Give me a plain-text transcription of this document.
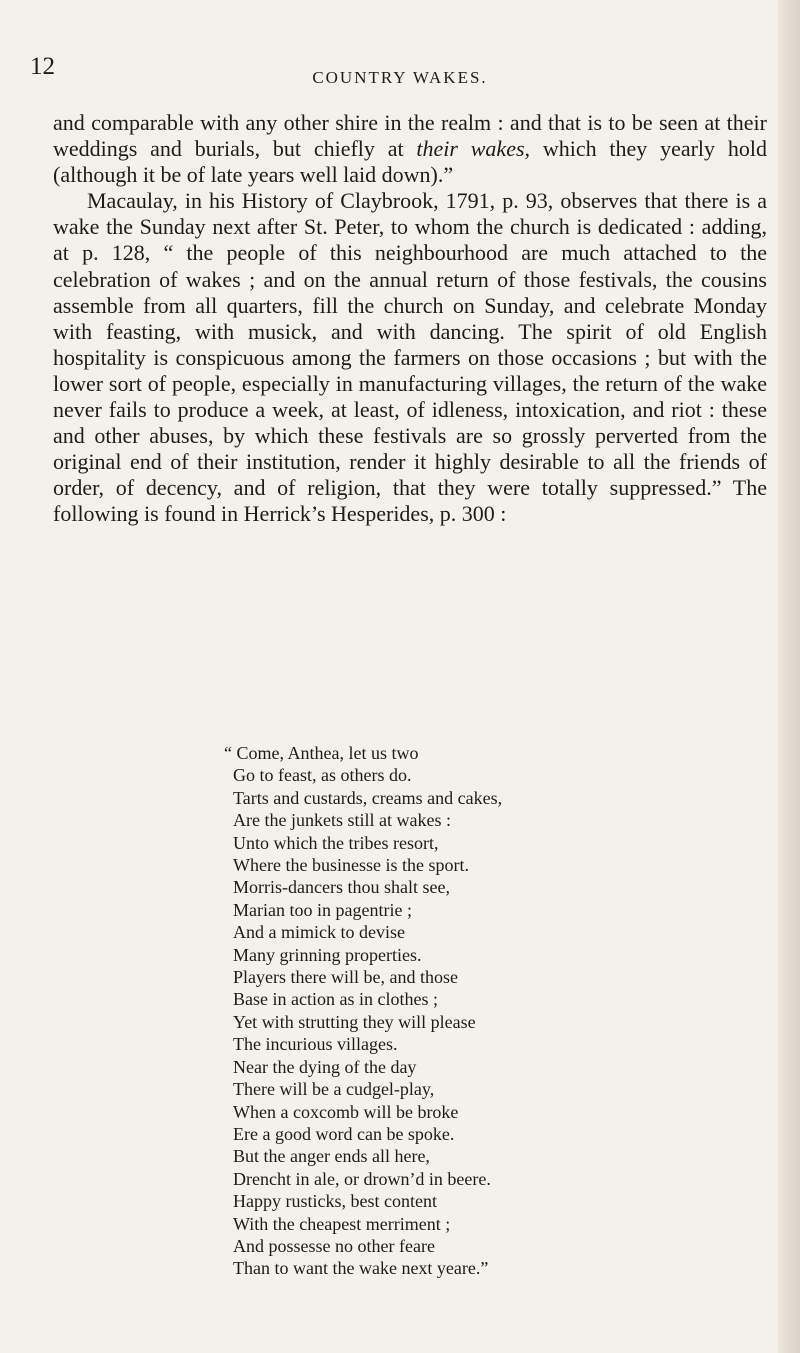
12	COUNTRY WAKES.

and comparable with any other shire in the realm : and that is to be seen at their weddings and burials, but chiefly at their wakes, which they yearly hold (although it be of late years well laid down).”

Macaulay, in his History of Claybrook, 1791, p. 93, observes that there is a wake the Sunday next after St. Peter, to whom the church is dedicated : adding, at p. 128, “ the people of this neighbourhood are much attached to the celebration of wakes ; and on the annual return of those festivals, the cousins assemble from all quarters, fill the church on Sunday, and celebrate Monday with feasting, with musick, and with dancing. The spirit of old English hospitality is conspicuous among the farmers on those occasions ; but with the lower sort of people, especially in manufacturing villages, the return of the wake never fails to produce a week, at least, of idleness, intoxication, and riot : these and other abuses, by which these festivals are so grossly perverted from the original end of their institution, render it highly desirable to all the friends of order, of decency, and of religion, that they were totally suppressed.” The following is found in Herrick’s Hesperides, p. 300 :

“ Come, Anthea, let us two
Go to feast, as others do.
Tarts and custards, creams and cakes,
Are the junkets still at wakes :
Unto which the tribes resort,
Where the businesse is the sport.
Morris-dancers thou shalt see,
Marian too in pagentrie ;
And a mimick to devise
Many grinning properties.
Players there will be, and those
Base in action as in clothes ;
Yet with strutting they will please
The incurious villages.
Near the dying of the day
There will be a cudgel-play,
When a coxcomb will be broke
Ere a good word can be spoke.
But the anger ends all here,
Drencht in ale, or drown’d in beere.
Happy rusticks, best content
With the cheapest merriment ;
And possesse no other feare
Than to want the wake next yeare.”
